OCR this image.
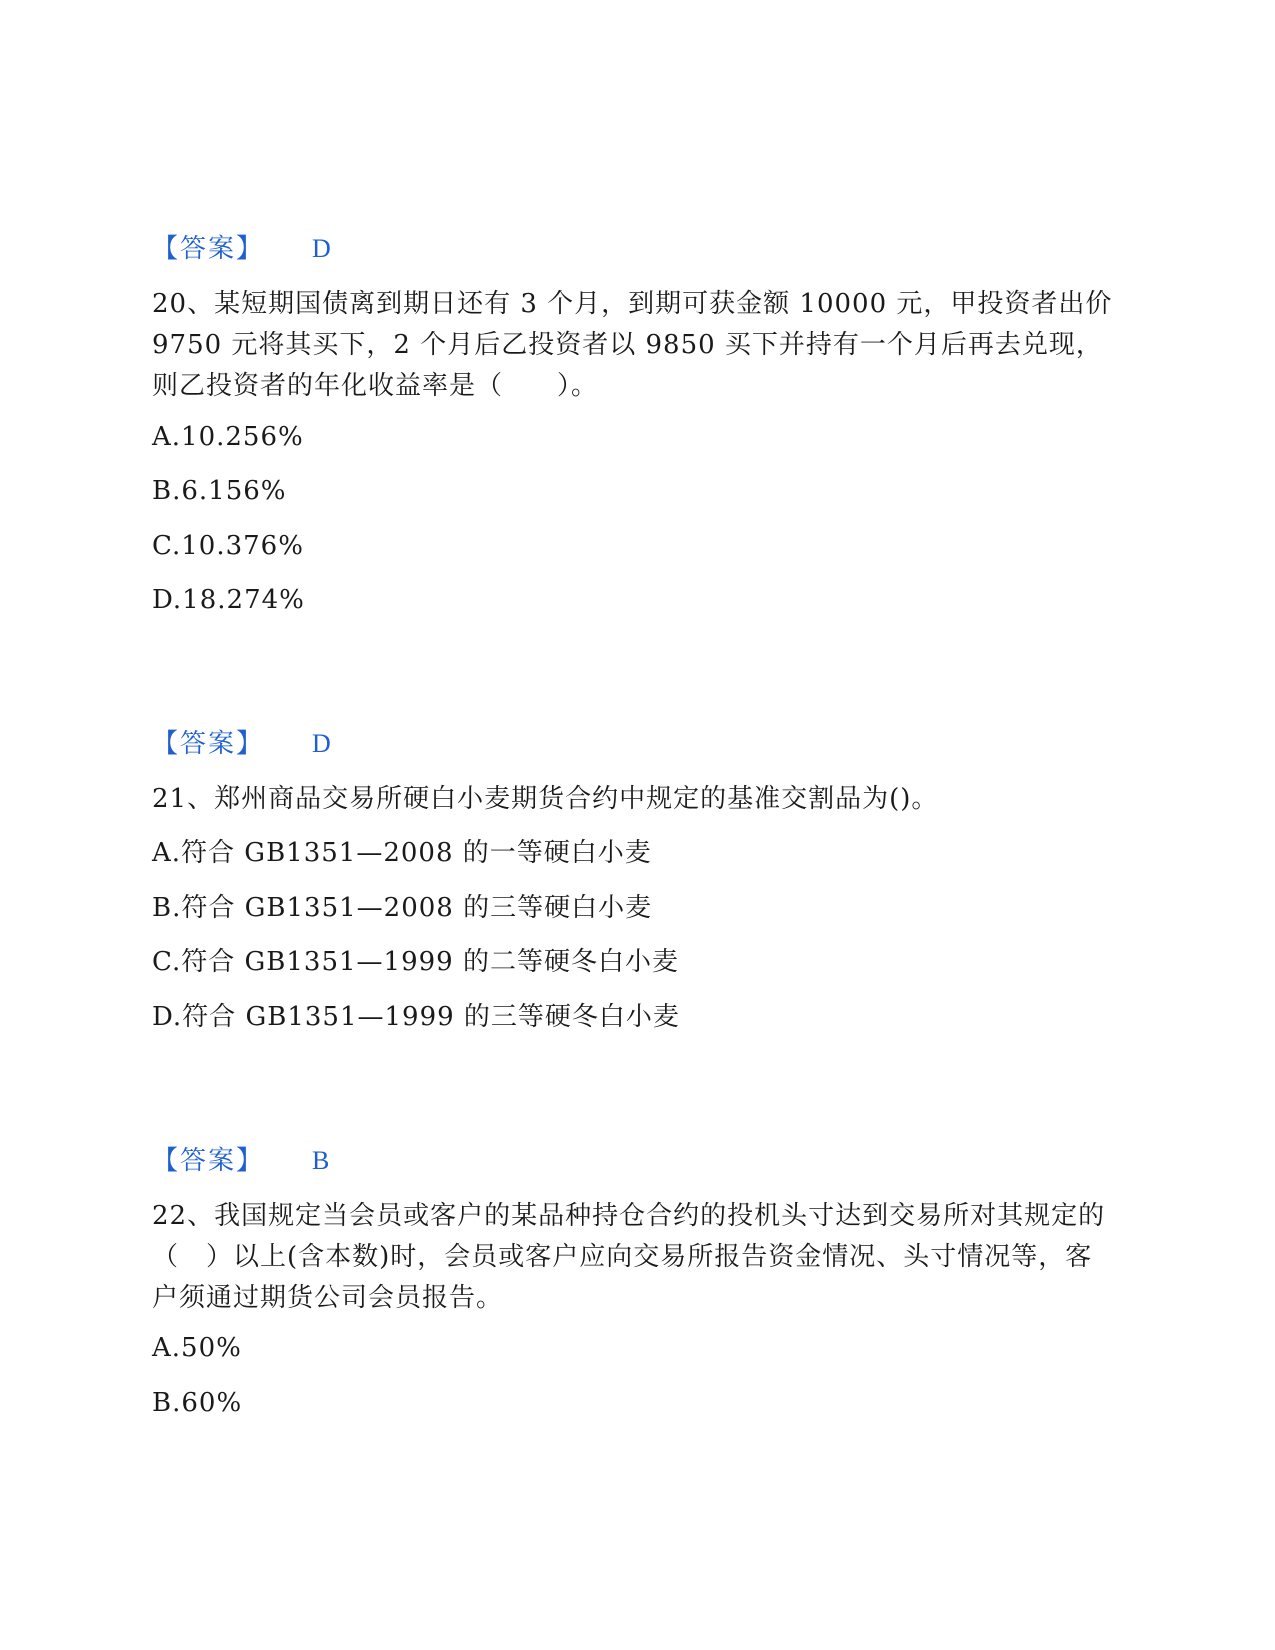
【答案】 D
20、某短期国债离到期日还有 3 个月，到期可获金额 10000 元，甲投资者出价 9750 元将其买下，2 个月后乙投资者以 9850 买下并持有一个月后再去兑现，则乙投资者的年化收益率是（　　）。
A.10.256%
B.6.156%
C.10.376%
D.18.274%
【答案】 D
21、郑州商品交易所硬白小麦期货合约中规定的基准交割品为()。
A.符合 GB1351—2008 的一等硬白小麦
B.符合 GB1351—2008 的三等硬白小麦
C.符合 GB1351—1999 的二等硬冬白小麦
D.符合 GB1351—1999 的三等硬冬白小麦
【答案】 B
22、我国规定当会员或客户的某品种持仓合约的投机头寸达到交易所对其规定的（　）以上(含本数)时，会员或客户应向交易所报告资金情况、头寸情况等，客户须通过期货公司会员报告。
A.50%
B.60%
